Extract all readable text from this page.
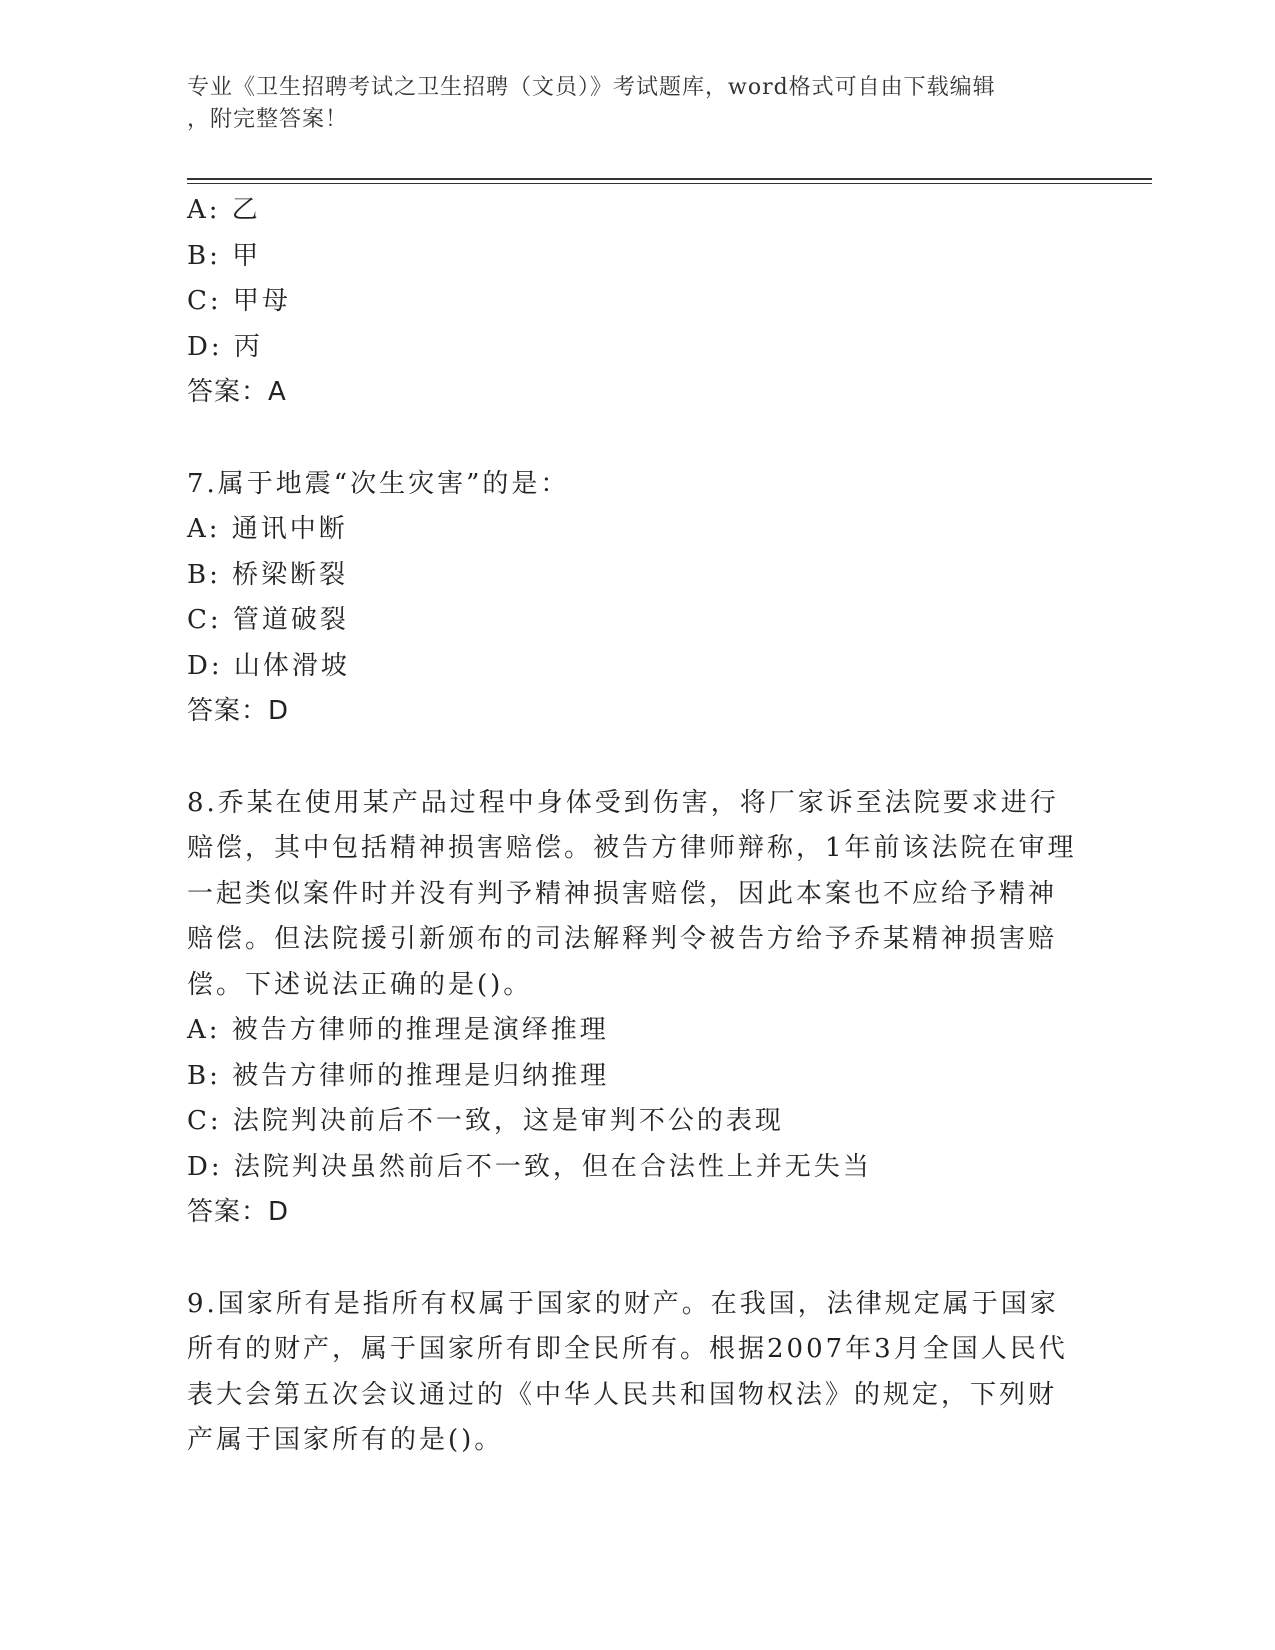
专业《卫生招聘考试之卫生招聘（文员）》考试题库，word格式可自由下载编辑
，附完整答案！
A: 乙
B: 甲
C: 甲母
D: 丙
答案：A
7.属于地震“次生灾害”的是：
A: 通讯中断
B: 桥梁断裂
C: 管道破裂
D: 山体滑坡
答案：D
8.乔某在使用某产品过程中身体受到伤害，将厂家诉至法院要求进行
赔偿，其中包括精神损害赔偿。被告方律师辩称，1年前该法院在审理
一起类似案件时并没有判予精神损害赔偿，因此本案也不应给予精神
赔偿。但法院援引新颁布的司法解释判令被告方给予乔某精神损害赔
偿。下述说法正确的是()。
A: 被告方律师的推理是演绎推理
B: 被告方律师的推理是归纳推理
C: 法院判决前后不一致，这是审判不公的表现
D: 法院判决虽然前后不一致，但在合法性上并无失当
答案：D
9.国家所有是指所有权属于国家的财产。在我国，法律规定属于国家
所有的财产，属于国家所有即全民所有。根据2007年3月全国人民代
表大会第五次会议通过的《中华人民共和国物权法》的规定，下列财
产属于国家所有的是()。
